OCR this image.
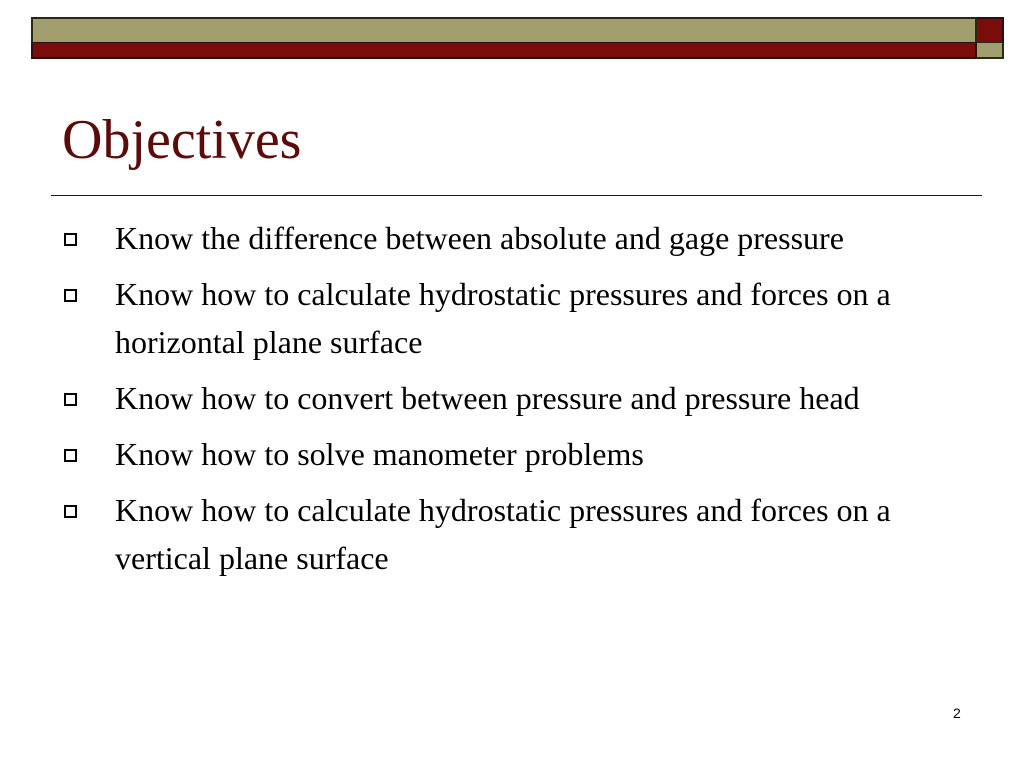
Objectives
Know the difference between absolute and gage pressure
Know how to calculate hydrostatic pressures and forces on a horizontal plane surface
Know how to convert between pressure and pressure head
Know how to solve manometer problems
Know how to calculate hydrostatic pressures and forces on a vertical plane surface
2
